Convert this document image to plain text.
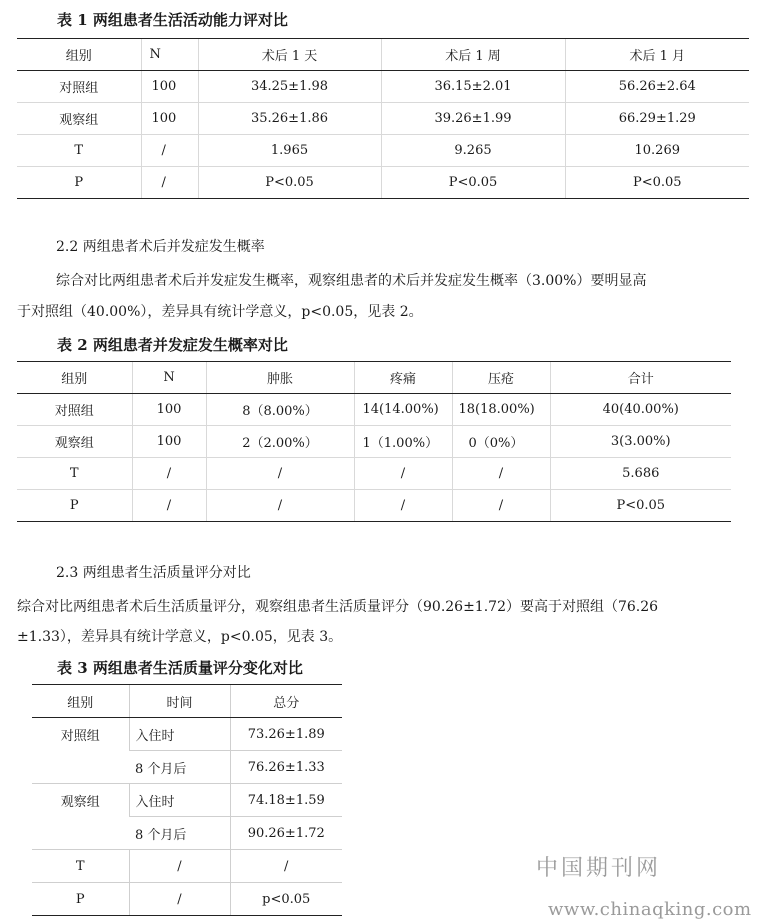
表 1 两组患者生活活动能力评对比
组别	N	术后 1 天	术后 1 周	术后 1 月
对照组	100	34.25±1.98	36.15±2.01	56.26±2.64
观察组	100	35.26±1.86	39.26±1.99	66.29±1.29
T	/	1.965	9.265	10.269
P	/	P<0.05	P<0.05	P<0.05
2.2 两组患者术后并发症发生概率
综合对比两组患者术后并发症发生概率，观察组患者的术后并发症发生概率（3.00%）要明显高
于对照组（40.00%），差异具有统计学意义，p<0.05，见表 2。
表 2 两组患者并发症发生概率对比
组别	N	肿胀	疼痛	压疮	合计
对照组	100	8（8.00%）	14(14.00%)	18(18.00%)	40(40.00%)
观察组	100	2（2.00%）	1（1.00%）	0（0%）	3(3.00%)
T	/	/	/	/	5.686
P	/	/	/	/	P<0.05
2.3 两组患者生活质量评分对比
综合对比两组患者术后生活质量评分，观察组患者生活质量评分（90.26±1.72）要高于对照组（76.26
±1.33），差异具有统计学意义，p<0.05，见表 3。
表 3 两组患者生活质量评分变化对比
组别	时间	总分
对照组	入住时	73.26±1.89
	8 个月后	76.26±1.33
观察组	入住时	74.18±1.59
	8 个月后	90.26±1.72
T	/	/
P	/	p<0.05
中国期刊网
www.chinaqking.com
